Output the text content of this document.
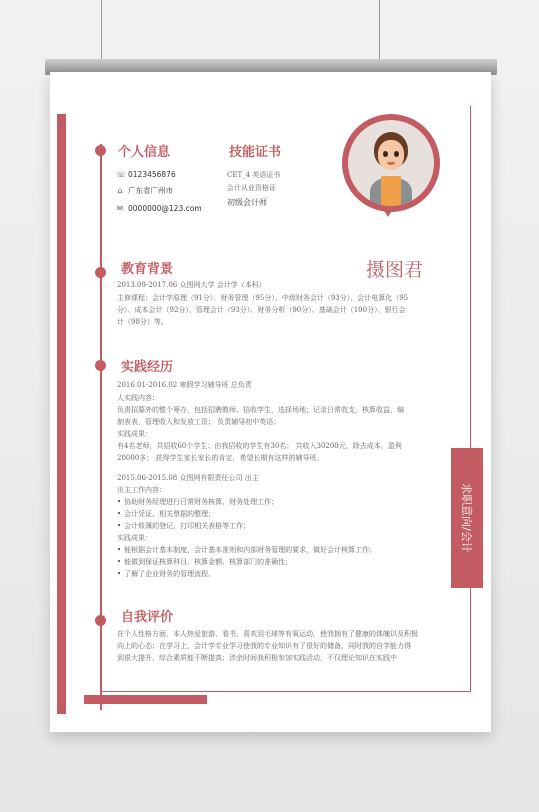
个人信息
☏ 0123456876
⌂ 广东省广州市
✉ 0000000@123.com
技能证书
CET_4 英语证书
会计从业资格证
初级会计师
摄图君
教育背景
2013.09-2017.06 众图网大学 会计学（本科）
主修课程：会计学原理（91分）、财务管理（95分）、中级财务会计（93分）、会计电算化（95
分）、成本会计（92分）、管理会计（93分）、财务分析（90分）、基础会计（100分）、银行会
计（98分）等。
实践经历
2016.01-2016.02 寒假学习辅导班 总负责
人实践内容：
负责招募外的整个筹办，包括招聘教师、招收学生，选择场地；记录日常收支，核算收益，编
制表表，管理收入和发放工资； 负责辅导初中英语；
实践成果：
有4名老师，共招收60个学生；由我招收的学生有30名； 共收入30200元，除去成本，盈利
20000多； 获得学生家长家长的肯定，希望长期有这样的辅导班。
2015.06-2015.08 众图网有限责任公司 出主
出主工作内容：
• 协助财务经理进行日常财务核算、财务处理工作；
• 会计凭证、相关票据的整理；
• 会计账簿的登记，打印相关表格等工作；
实践成果：
• 能根据会计基本制度，会计基本准则和内部财务管理的要求，做好会计核算工作；
• 能做到保证核算科目、核算金额、核算部门的准确性；
• 了解了企业财务的管理流程。
求职意向/会计
自我评价
在个人性格方面，本人热爱旅游、看书，喜欢羽毛球等有氧运动，使我拥有了健康的体魄以及积极
向上的心态；在学习上，会计学专业学习使我的专业知识有了很好的储备，同时我的自学能力得
到很大提升，综合素质能不断提高；涉余时间我积极参加实践活动，不仅理论知识在实践中
